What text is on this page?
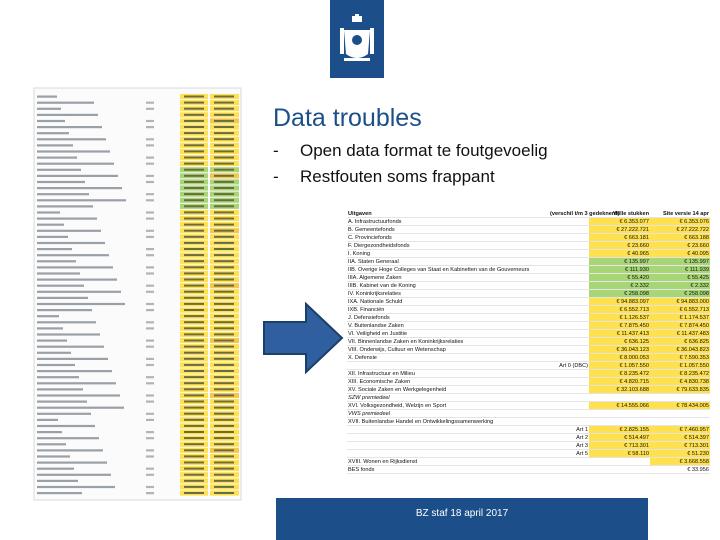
Data troubles
-	Open data format te foutgevoelig
-	Restfouten soms frappant
Uitgaven	(verschil t/m 3 gedeknerd)	Wille stukken	Site versie 14 apr
A. Infrastructuurfonds		€ 6.353.077	€ 6.353.076
B. Gemeentefonds		€ 27.222.721	€ 27.222.722
C. Provinciefonds		€ 663.181	€ 663.188
F. Diergezondheidsfonds		€ 23.660	€ 23.660
I. Koning		€ 40.965	€ 40.095
IIA. Staten Generaal		€ 135.997	€ 135.997
IIB. Overige Hoge Colleges van Staat en Kabinetten van de Gouverneurs		€ 111.930	€ 111.939
IIIA. Algemene Zaken		€ 55.420	€ 55.425
IIIB. Kabinet van de Koning		€ 2.332	€ 2.332
IV. Koninkrijksrelaties		€ 258.098	€ 258.098
IXA. Nationale Schuld		€ 94.883.097	€ 94.883.000
IXB. Financiën		€ 6.552.713	€ 6.552.713
J. Defensiefonds		€ 1.126.537	€ 1.174.537
V. Buitenlandse Zaken		€ 7.875.450	€ 7.874.450
VI. Veiligheid en Justitie		€ 11.437.413	€ 11.437.483
VII. Binnenlandse Zaken en Koninkrijksrelaties		€ 636.125	€ 636.825
VIII. Onderwijs, Cultuur en Wetenschap		€ 36.043.123	€ 36.043.823
X. Defensie		€ 8.000.053	€ 7.590.353
	Art 0 (DBC)	€ 1.057.550	€ 1.057.550
XII. Infrastructuur en Milieu		€ 8.235.472	€ 8.235.472
XIII. Economische Zaken		€ 4.820.715	€ 4.830.738
XV. Sociale Zaken en Werkgelegenheid		€ 32.103.688	€ 79.633.835
SZW premiedeel			
XVI. Volksgezondheid, Welzijn en Sport		€ 14.555.066	€ 78.434.005
VWS premiedeel			
XVII. Buitenlandse Handel en Ontwikkelingssamenwerking			
	Art 1	€ 2.825.155	€ 7.460.957
	Art 2	€ 514.497	€ 514.397
	Art 3	€ 713.301	€ 713.301
	Art 5	€ 58.110	€ 51.230
XVIII. Wonen en Rijksdienst			€ 3.668.558
BES fonds			€ 33.956
BZ staf 18 april 2017
